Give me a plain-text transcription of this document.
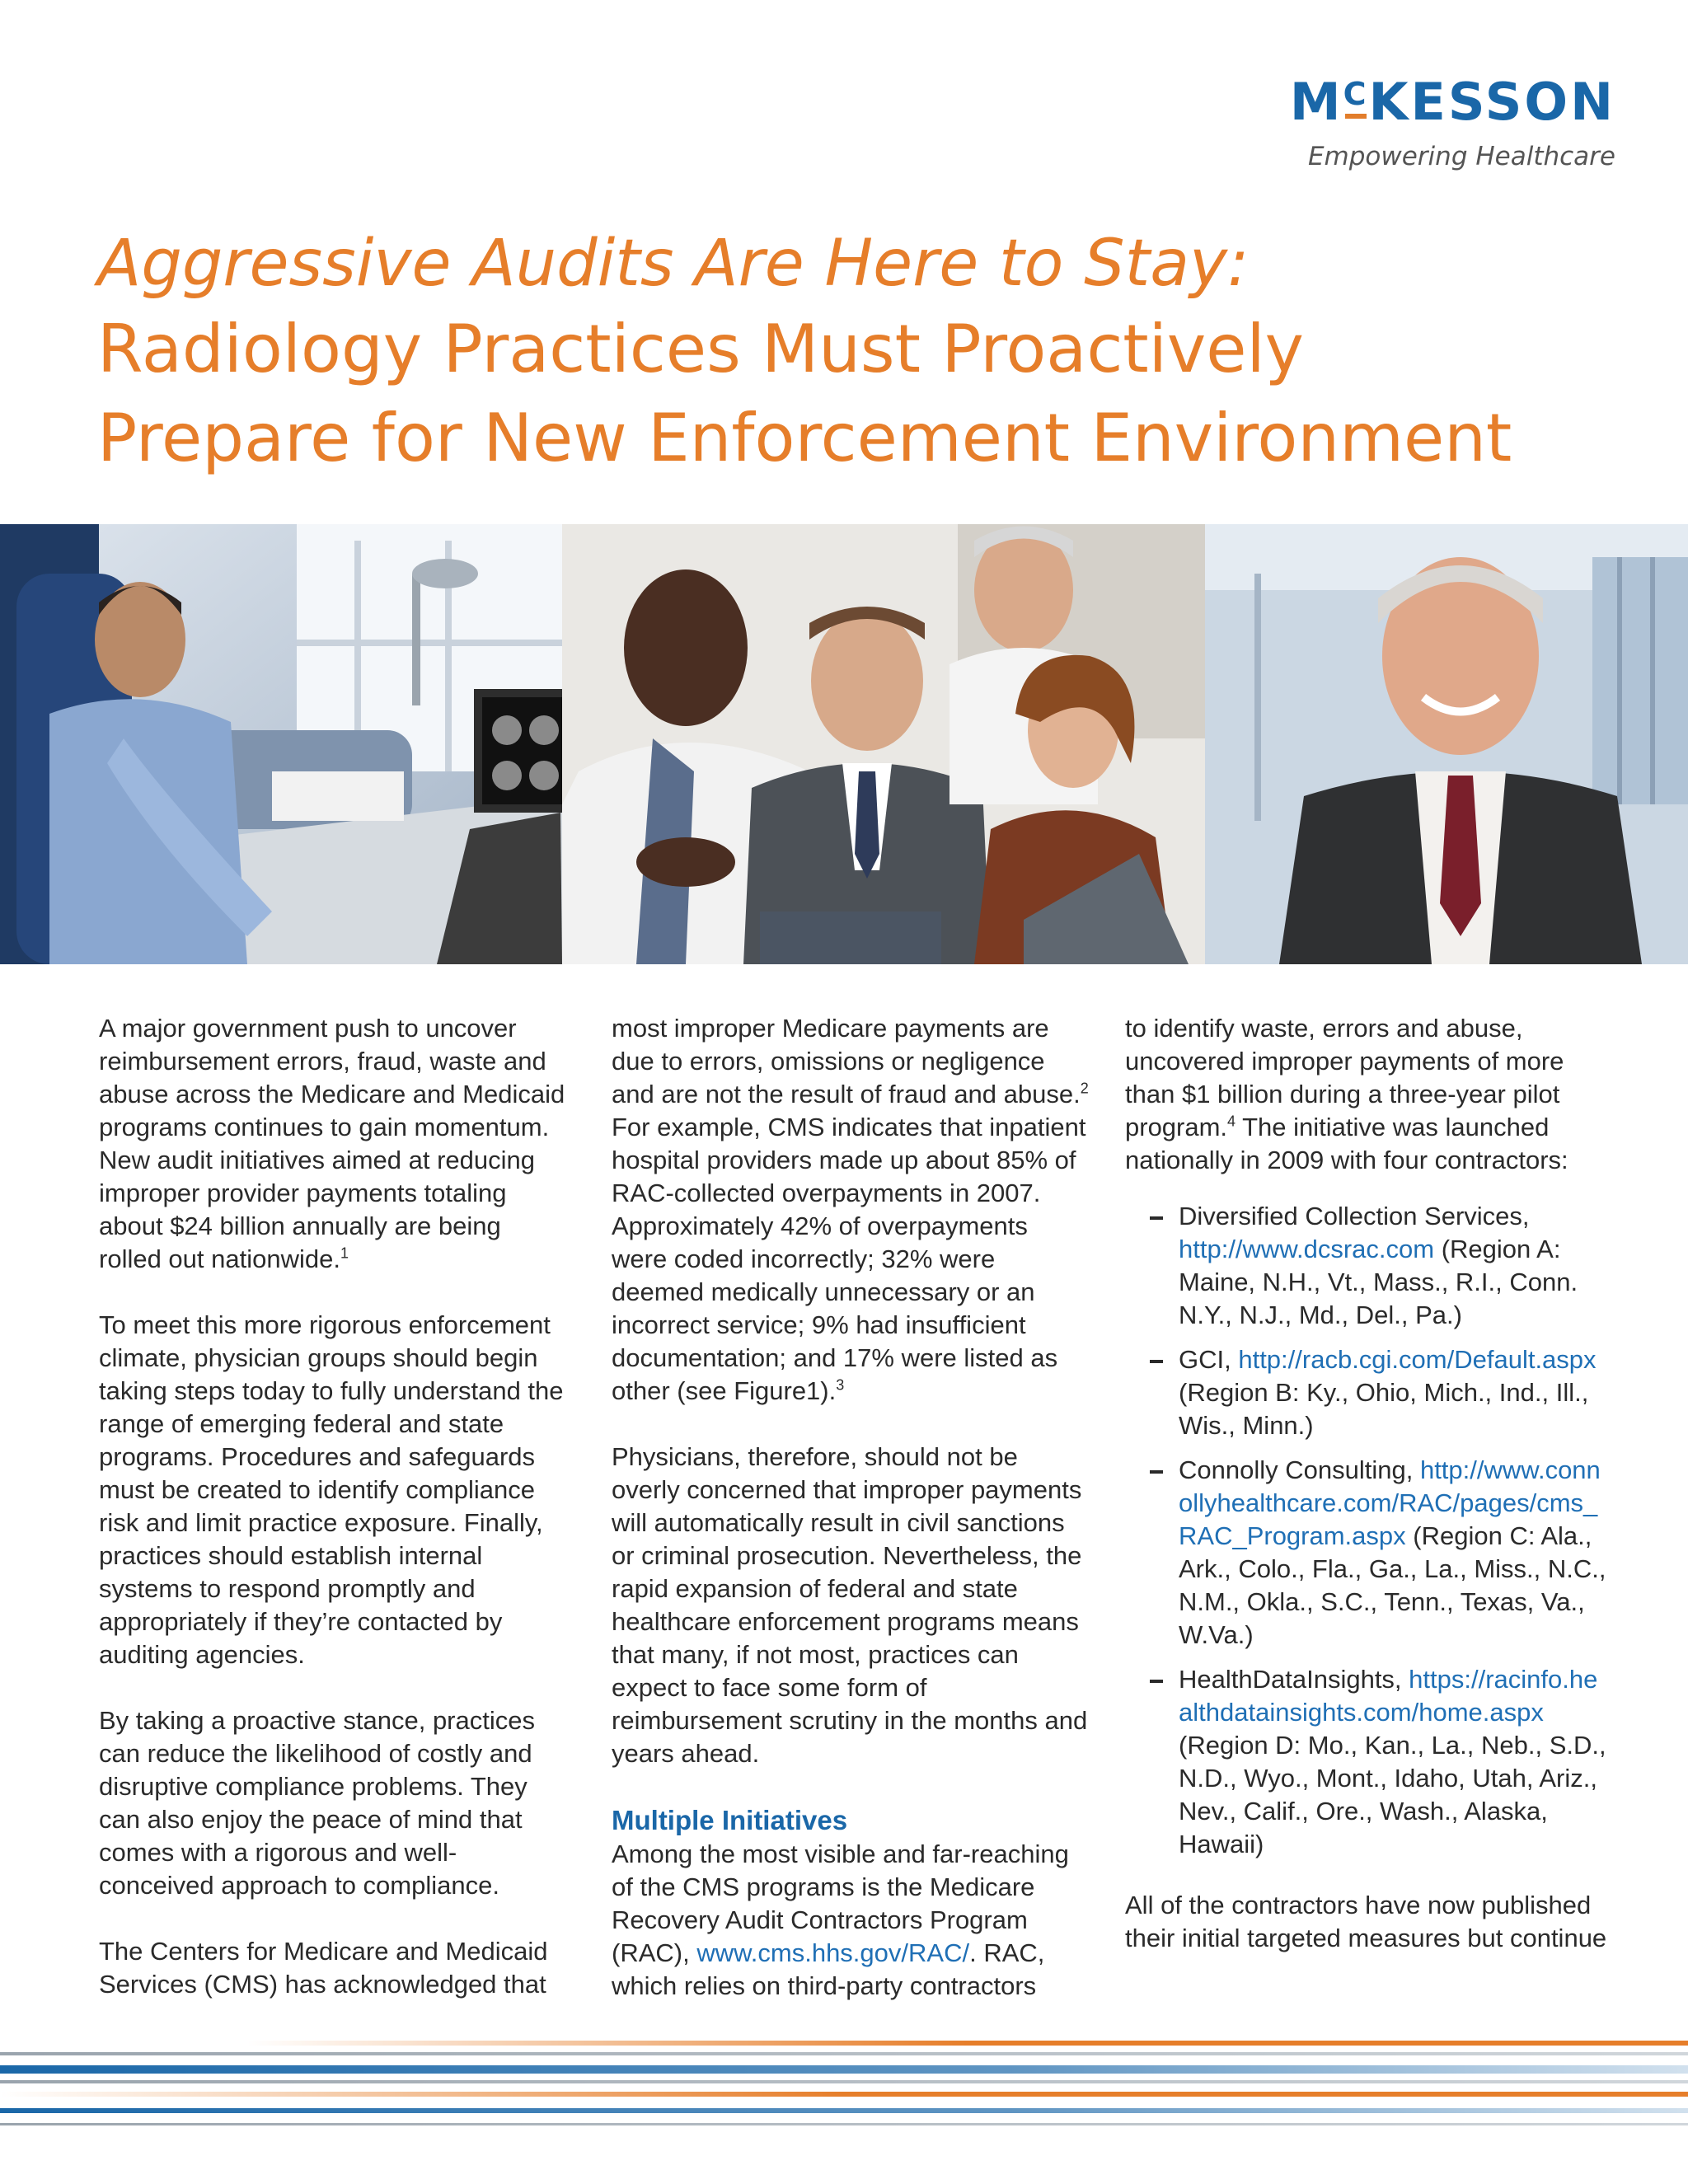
$M^CKESSON$
Empowering Healthcare
Aggressive Audits Are Here to Stay:
Radiology Practices Must Proactively
Prepare for New Enforcement Environment

A major government push to uncover reimbursement errors, fraud, waste and abuse across the Medicare and Medicaid programs continues to gain momentum. New audit initiatives aimed at reducing improper provider payments totaling about $24 billion annually are being rolled out nationwide.$^1$

To meet this more rigorous enforcement climate, physician groups should begin taking steps today to fully understand the range of emerging federal and state programs. Procedures and safeguards must be created to identify compliance risk and limit practice exposure. Finally, practices should establish internal systems to respond promptly and appropriately if they’re contacted by auditing agencies.

By taking a proactive stance, practices can reduce the likelihood of costly and disruptive compliance problems. They can also enjoy the peace of mind that comes with a rigorous and well-conceived approach to compliance.

The Centers for Medicare and Medicaid Services (CMS) has acknowledged that

most improper Medicare payments are due to errors, omissions or negligence and are not the result of fraud and abuse.$^2$ For example, CMS indicates that inpatient hospital providers made up about 85% of RAC-collected overpayments in 2007. Approximately 42% of overpayments were coded incorrectly; 32% were deemed medically unnecessary or an incorrect service; 9% had insufficient documentation; and 17% were listed as other (see Figure1).$^3$

Physicians, therefore, should not be overly concerned that improper payments will automatically result in civil sanctions or criminal prosecution. Nevertheless, the rapid expansion of federal and state healthcare enforcement programs means that many, if not most, practices can expect to face some form of reimbursement scrutiny in the months and years ahead.

Multiple Initiatives

Among the most visible and far-reaching of the CMS programs is the Medicare Recovery Audit Contractors Program (RAC), www.cms.hhs.gov/RAC/. RAC, which relies on third-party contractors

to identify waste, errors and abuse, uncovered improper payments of more than $1 billion during a three-year pilot program.$^4$ The initiative was launched nationally in 2009 with four contractors:

Diversified Collection Services, http://www.dcsrac.com (Region A: Maine, N.H., Vt., Mass., R.I., Conn. N.Y., N.J., Md., Del., Pa.)
GCI, http://racb.cgi.com/Default.aspx (Region B: Ky., Ohio, Mich., Ind., Ill., Wis., Minn.)
Connolly Consulting, http://www.connollyhealthcare.com/RAC/pages/cms_RAC_Program.aspx (Region C: Ala., Ark., Colo., Fla., Ga., La., Miss., N.C., N.M., Okla., S.C., Tenn., Texas, Va., W.Va.)
HealthDataInsights, https://racinfo.healthdatainsights.com/home.aspx (Region D: Mo., Kan., La., Neb., S.D., N.D., Wyo., Mont., Idaho, Utah, Ariz., Nev., Calif., Ore., Wash., Alaska, Hawaii)

All of the contractors have now published their initial targeted measures but continue
